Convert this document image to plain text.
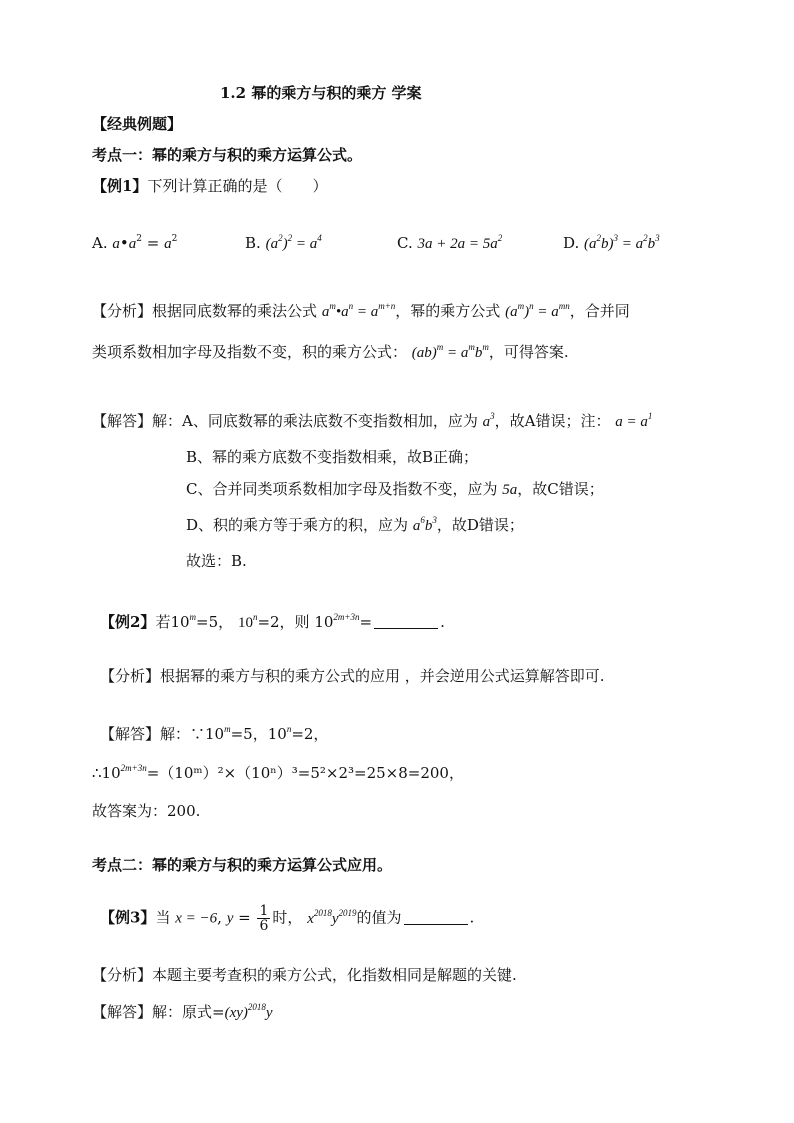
1.2 幂的乘方与积的乘方 学案
【经典例题】
考点一：幂的乘方与积的乘方运算公式。
【例1】下列计算正确的是（　　）
A. $a•a^2 = a^2$	B. $(a^2)^2 = a^4$	C. $3a + 2a = 5a^2$	D. $(a^2b)^3 = a^2b^3$
【分析】根据同底数幂的乘法公式 $a^m•a^n = a^{m+n}$，幂的乘方公式 $(a^m)^n = a^{mn}$，合并同
类项系数相加字母及指数不变，积的乘方公式： $(ab)^m = a^mb^m$，可得答案.
【解答】解：A、同底数幂的乘法底数不变指数相加，应为 $a^3$，故A错误；注： $a = a^1$
B、幂的乘方底数不变指数相乘，故B正确；
C、合并同类项系数相加字母及指数不变，应为 5a，故C错误；
D、积的乘方等于乘方的积，应为 $a^6b^3$，故D错误；
故选：B.
【例2】若$10^m=5$， $10^n=2$，则 $10^{2m+3n}=$	.
【分析】根据幂的乘方与积的乘方公式的应用 ，并会逆用公式运算解答即可.
【解答】解：$\because 10^m=5$，$10^n=2$，
$\therefore 10^{2m+3n}=(10ᵐ)^2\times(10^n)^3=5^2\times 2^3=25\times 8=200$，
故答案为：200.
考点二：幂的乘方与积的乘方运算公式应用。
【例3】当 x = −6, $y = \frac{1}{6}$ 时， $x^{2018}y^{2019}$的值为	.
【分析】本题主要考查积的乘方公式，化指数相同是解题的关键.
【解答】解：原式=(xy)$^{2018}$y
